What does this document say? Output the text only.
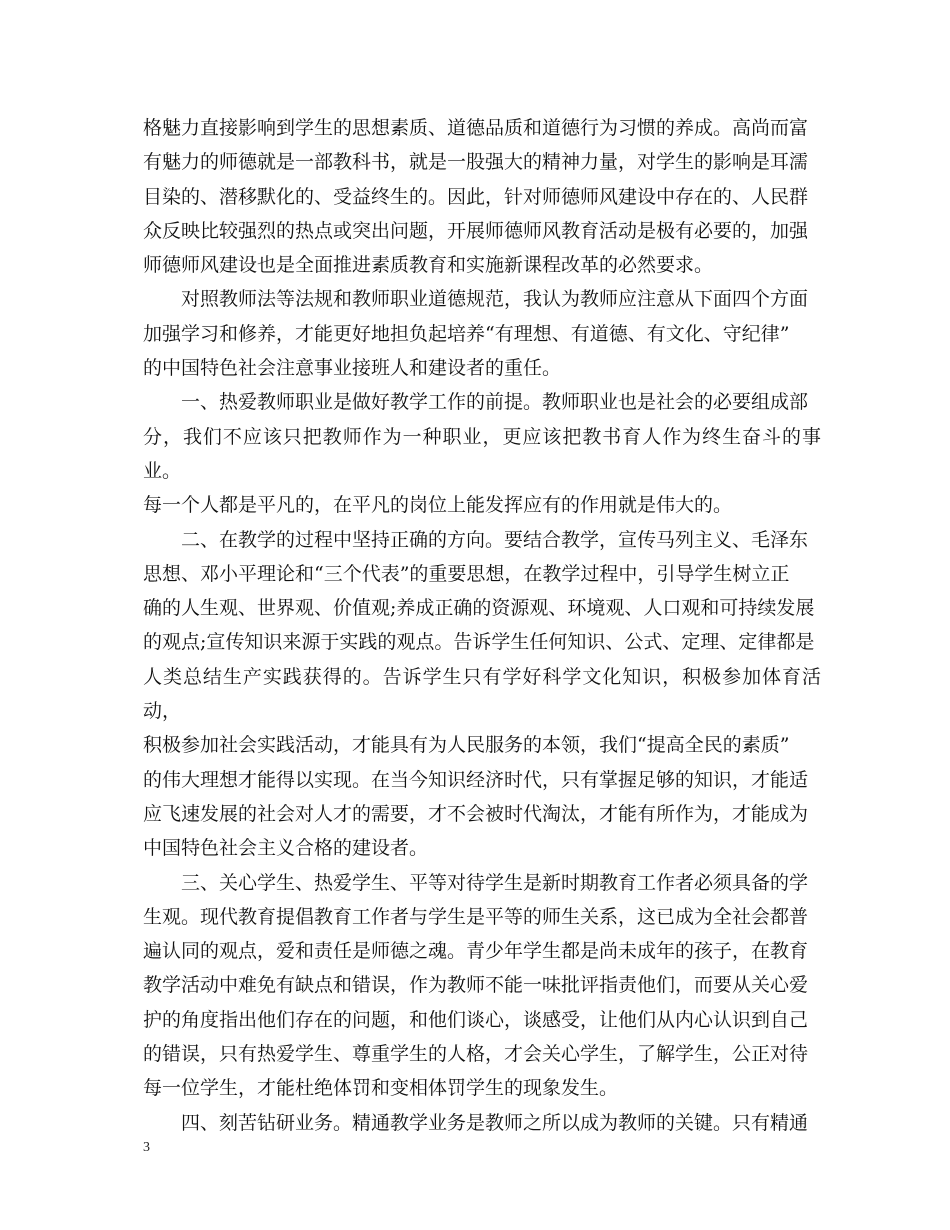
格魅力直接影响到学生的思想素质、道德品质和道德行为习惯的养成。高尚而富
有魅力的师德就是一部教科书，就是一股强大的精神力量，对学生的影响是耳濡
目染的、潜移默化的、受益终生的。因此，针对师德师风建设中存在的、人民群
众反映比较强烈的热点或突出问题，开展师德师风教育活动是极有必要的，加强
师德师风建设也是全面推进素质教育和实施新课程改革的必然要求。

　　对照教师法等法规和教师职业道德规范，我认为教师应注意从下面四个方面
加强学习和修养，才能更好地担负起培养“有理想、有道德、有文化、守纪律”
的中国特色社会注意事业接班人和建设者的重任。

　　一、热爱教师职业是做好教学工作的前提。教师职业也是社会的必要组成部
分，我们不应该只把教师作为一种职业，更应该把教书育人作为终生奋斗的事业。
每一个人都是平凡的，在平凡的岗位上能发挥应有的作用就是伟大的。

　　二、在教学的过程中坚持正确的方向。要结合教学，宣传马列主义、毛泽东
思想、邓小平理论和“三个代表”的重要思想，在教学过程中，引导学生树立正
确的人生观、世界观、价值观;养成正确的资源观、环境观、人口观和可持续发展
的观点;宣传知识来源于实践的观点。告诉学生任何知识、公式、定理、定律都是
人类总结生产实践获得的。告诉学生只有学好科学文化知识，积极参加体育活动，
积极参加社会实践活动，才能具有为人民服务的本领，我们“提高全民的素质”
的伟大理想才能得以实现。在当今知识经济时代，只有掌握足够的知识，才能适
应飞速发展的社会对人才的需要，才不会被时代淘汰，才能有所作为，才能成为
中国特色社会主义合格的建设者。

　　三、关心学生、热爱学生、平等对待学生是新时期教育工作者必须具备的学
生观。现代教育提倡教育工作者与学生是平等的师生关系，这已成为全社会都普
遍认同的观点，爱和责任是师德之魂。青少年学生都是尚未成年的孩子，在教育
教学活动中难免有缺点和错误，作为教师不能一味批评指责他们，而要从关心爱
护的角度指出他们存在的问题，和他们谈心，谈感受，让他们从内心认识到自己
的错误，只有热爱学生、尊重学生的人格，才会关心学生，了解学生，公正对待
每一位学生，才能杜绝体罚和变相体罚学生的现象发生。

　　四、刻苦钻研业务。精通教学业务是教师之所以成为教师的关键。只有精通

3
